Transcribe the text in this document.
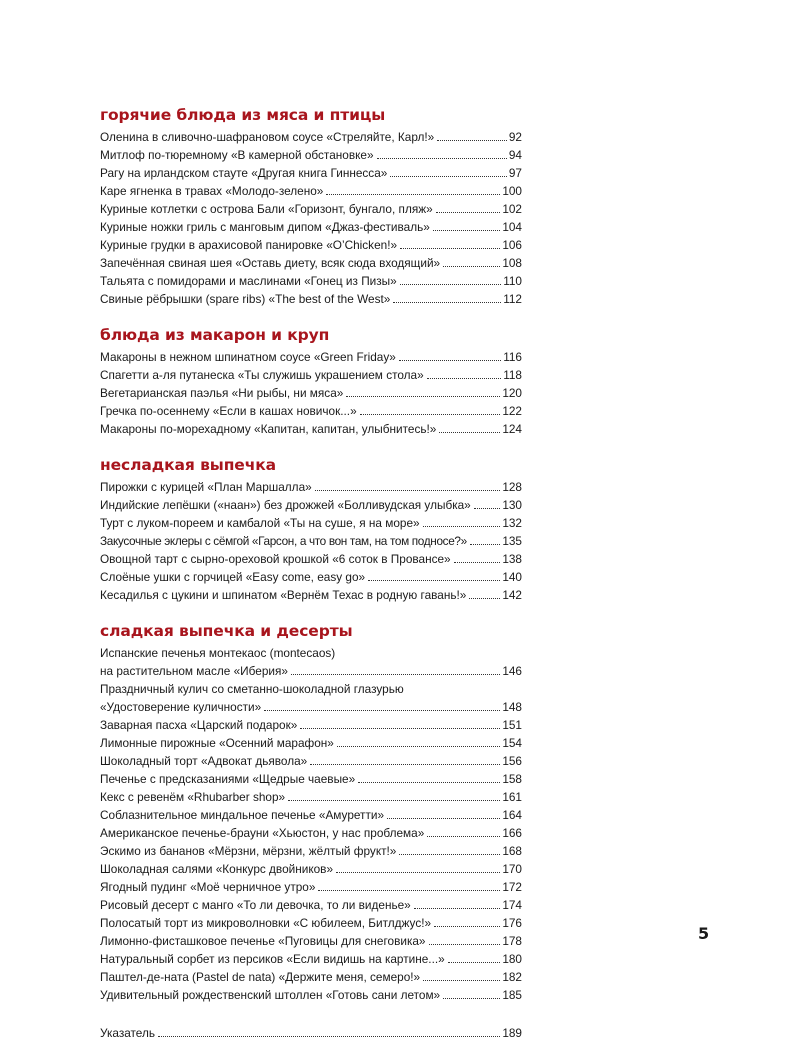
горячие блюда из мяса и птицы
Оленина в сливочно-шафрановом соусе «Стреляйте, Карл!»	92
Митлоф по-тюремному «В камерной обстановке»	94
Рагу на ирландском стауте «Другая книга Гиннесса»	97
Каре ягненка в травах «Молодо-зелено»	100
Куриные котлетки с острова Бали «Горизонт, бунгало, пляж»	102
Куриные ножки гриль с манговым дипом «Джаз-фестиваль»	104
Куриные грудки в арахисовой панировке «O’Chicken!»	106
Запечённая свиная шея «Оставь диету, всяк сюда входящий»	108
Тальята с помидорами и маслинами «Гонец из Пизы»	110
Свиные рёбрышки (spare ribs) «The best of the West»	112
блюда из макарон и круп
Макароны в нежном шпинатном соусе «Green Friday»	116
Спагетти а-ля путанеска «Ты служишь украшением стола»	118
Вегетарианская паэлья «Ни рыбы, ни мяса»	120
Гречка по-осеннему «Если в кашах новичок...»	122
Макароны по-морехадному «Капитан, капитан, улыбнитесь!»	124
несладкая выпечка
Пирожки с курицей «План Маршалла»	128
Индийские лепёшки («наан») без дрожжей «Болливудская улыбка»	130
Турт с луком-пореем и камбалой «Ты на суше, я на море»	132
Закусочные эклеры с сёмгой «Гарсон, а что вон там, на том подносе?»	135
Овощной тарт с сырно-ореховой крошкой «6 соток в Провансе»	138
Слоёные ушки с горчицей «Easy come, easy go»	140
Кесадилья с цукини и шпинатом «Вернём Техас в родную гавань!»	142
сладкая выпечка и десерты
Испанские печенья монтекаос (montecaos)
на растительном масле «Иберия»	146
Праздничный кулич со сметанно-шоколадной глазурью
«Удостоверение куличности»	148
Заварная пасха «Царский подарок»	151
Лимонные пирожные «Осенний марафон»	154
Шоколадный торт «Адвокат дьявола»	156
Печенье с предсказаниями «Щедрые чаевые»	158
Кекс с ревенём «Rhubarber shop»	161
Соблазнительное миндальное печенье «Амуретти»	164
Американское печенье-брауни «Хьюстон, у нас проблема»	166
Эскимо из бананов «Мёрзни, мёрзни, жёлтый фрукт!»	168
Шоколадная салями «Конкурс двойников»	170
Ягодный пудинг «Моё черничное утро»	172
Рисовый десерт с манго «То ли девочка, то ли виденье»	174
Полосатый торт из микроволновки «С юбилеем, Битлджус!»	176
Лимонно-фисташковое печенье «Пуговицы для снеговика»	178
Натуральный сорбет из персиков «Если видишь на картине...»	180
Паштел-де-ната (Pastel de nata) «Держите меня, семеро!»	182
Удивительный рождественский штоллен «Готовь сани летом»	185
Указатель	189
5
